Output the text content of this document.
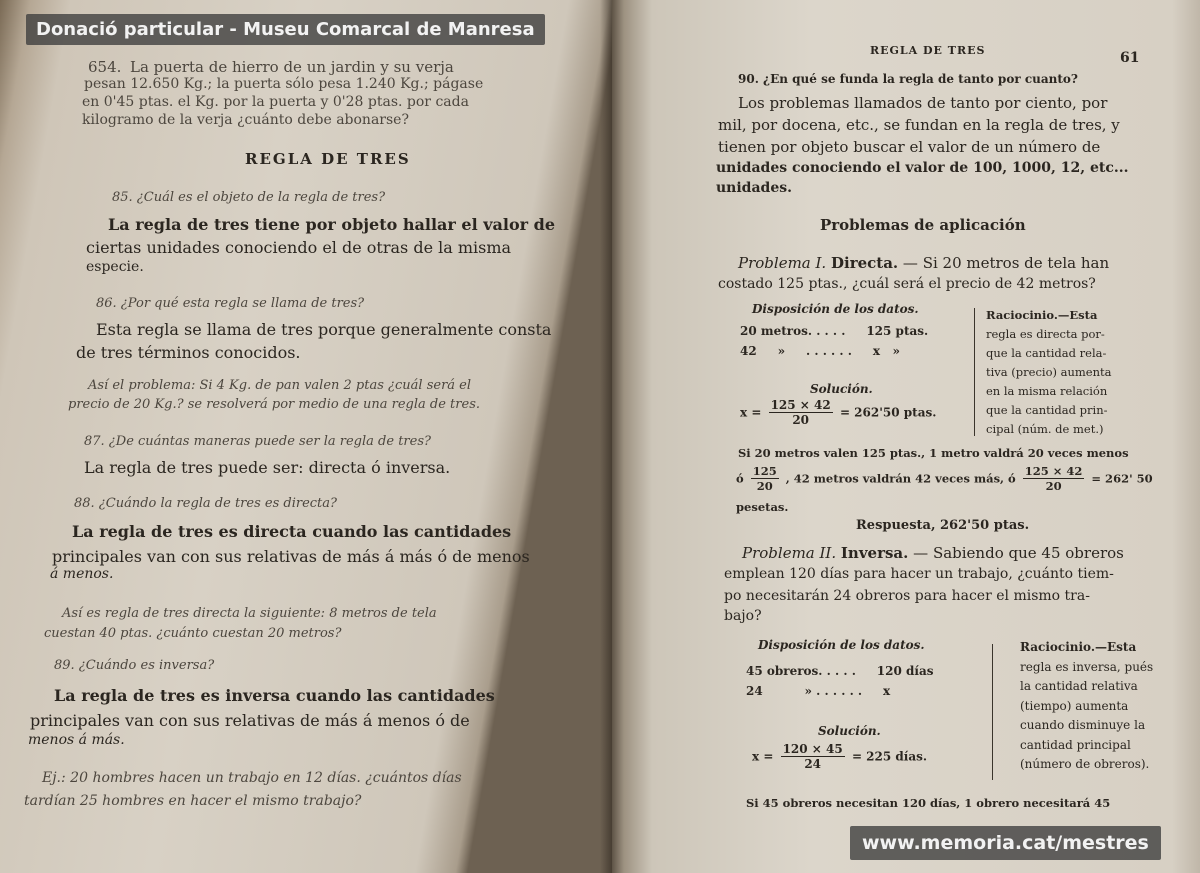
654. La puerta de hierro de un jardin y su verja
pesan 12.650 Kg.; la puerta sólo pesa 1.240 Kg.; págase
en 0'45 ptas. el Kg. por la puerta y 0'28 ptas. por cada
kilogramo de la verja ¿cuánto debe abonarse?
REGLA DE TRES
85. ¿Cuál es el objeto de la regla de tres?
La regla de tres tiene por objeto hallar el valor de
ciertas unidades conociendo el de otras de la misma
especie.
86. ¿Por qué esta regla se llama de tres?
Esta regla se llama de tres porque generalmente consta
de tres términos conocidos.
Así el problema: Si 4 Kg. de pan valen 2 ptas ¿cuál será el
precio de 20 Kg.? se resolverá por medio de una regla de tres.
87. ¿De cuántas maneras puede ser la regla de tres?
La regla de tres puede ser: directa ó inversa.
88. ¿Cuándo la regla de tres es directa?
La regla de tres es directa cuando las cantidades
principales van con sus relativas de más á más ó de menos
á menos.
Así es regla de tres directa la siguiente: 8 metros de tela
cuestan 40 ptas. ¿cuánto cuestan 20 metros?
89. ¿Cuándo es inversa?
La regla de tres es inversa cuando las cantidades
principales van con sus relativas de más á menos ó de
menos á más.
Ej.: 20 hombres hacen un trabajo en 12 días. ¿cuántos días
tardían 25 hombres en hacer el mismo trabajo?
REGLA DE TRES	61
90. ¿En qué se funda la regla de tanto por cuanto?
Los problemas llamados de tanto por ciento, por
mil, por docena, etc., se fundan en la regla de tres, y
tienen por objeto buscar el valor de un número de
unidades conociendo el valor de 100, 1000, 12, etc...
unidades.
Problemas de aplicación
Problema I. Directa. — Si 20 metros de tela han
costado 125 ptas., ¿cuál será el precio de 42 metros?
Disposición de los datos.
20 metros. . . . .     125 ptas.
42     »     . . . . . .     x   »
Solución.
$x = \frac{125 \times 42}{20} = 262'50$ ptas.
Raciocinio.—Esta
regla es directa por-
que la cantidad rela-
tiva (precio) aumenta
en la misma relación
que la cantidad prin-
cipal (núm. de met.)
Si 20 metros valen 125 ptas., 1 metro valdrá 20 veces menos
ó $\frac{125}{20}$ , 42 metros valdrán 42 veces más, ó $\frac{125 \times 42}{20} = 262'$ 50
pesetas.
Respuesta, 262'50 ptas.
Problema II. Inversa. — Sabiendo que 45 obreros
emplean 120 días para hacer un trabajo, ¿cuánto tiem-
po necesitarán 24 obreros para hacer el mismo tra-
bajo?
Disposición de los datos.
45 obreros. . . . .     120 días
24          » . . . . . .     x
Solución.
$x = \frac{120 \times 45}{24} = 225$ días.
Raciocinio.—Esta
regla es inversa, pués
la cantidad relativa
(tiempo) aumenta
cuando disminuye la
cantidad principal
(número de obreros).
Si 45 obreros necesitan 120 días, 1 obrero necesitará 45
Donació particular - Museu Comarcal de Manresa
www.memoria.cat/mestres
